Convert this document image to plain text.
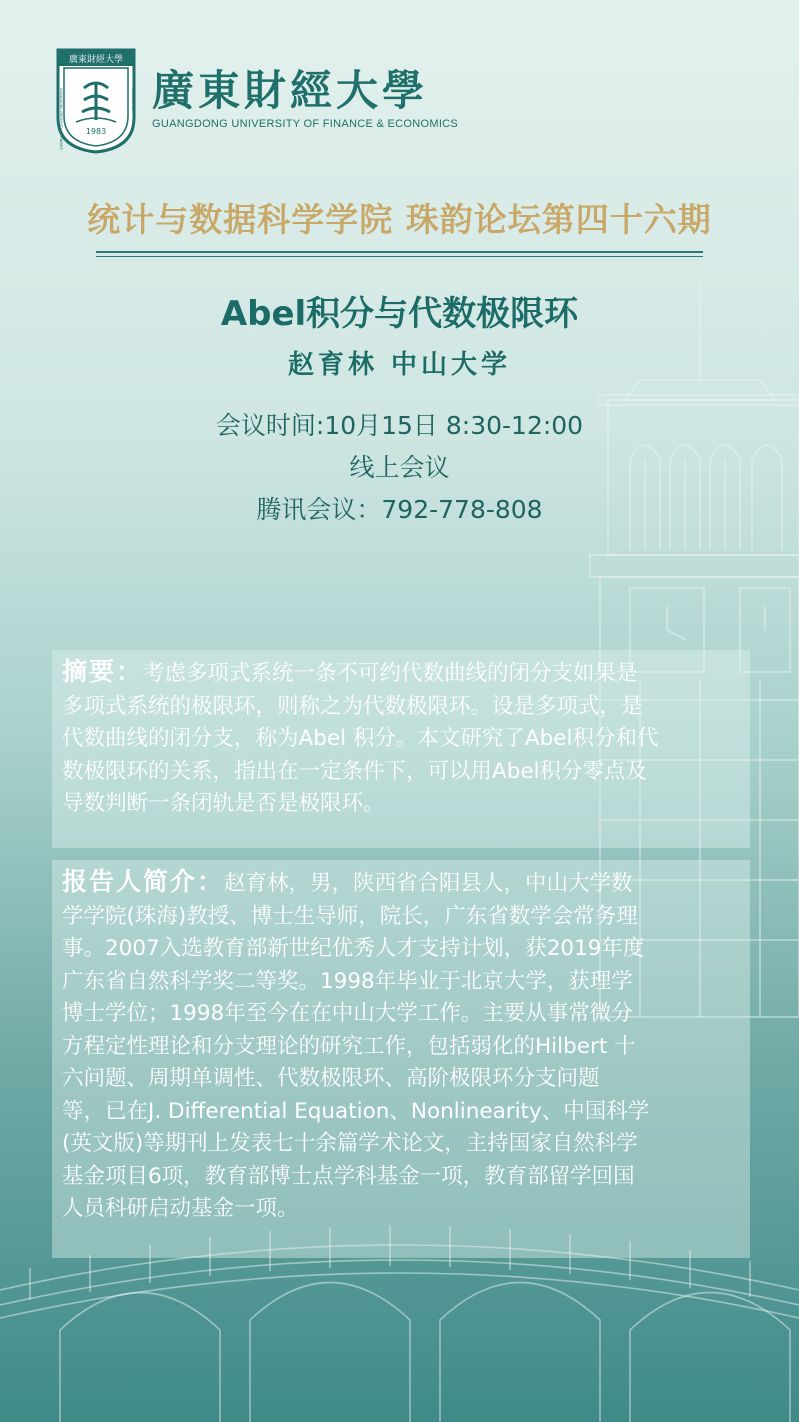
廣東財經大學
1983
GUANGDONG UNIVERSITY OF FINANCE	& ECONOMICS 廣東財經大學
GUANGDONG UNIVERSITY OF FINANCE & ECONOMICS
统计与数据科学学院 珠韵论坛第四十六期
Abel积分与代数极限环
赵育林 中山大学
会议时间:10月15日 8:30-12:00
线上会议
腾讯会议：792-778-808

摘要：考虑多项式系统一条不可约代数曲线的闭分支如果是
多项式系统的极限环，则称之为代数极限环。设是多项式，是
代数曲线的闭分支，称为Abel 积分。本文研究了Abel积分和代
数极限环的关系，指出在一定条件下，可以用Abel积分零点及
导数判断一条闭轨是否是极限环。

报告人简介：赵育林，男，陕西省合阳县人，中山大学数
学学院(珠海)教授、博士生导师，院长，广东省数学会常务理
事。2007入选教育部新世纪优秀人才支持计划，获2019年度
广东省自然科学奖二等奖。1998年毕业于北京大学，获理学
博士学位；1998年至今在在中山大学工作。主要从事常微分
方程定性理论和分支理论的研究工作，包括弱化的Hilbert 十
六问题、周期单调性、代数极限环、高阶极限环分支问题
等，已在J. Differential Equation、Nonlinearity、中国科学
(英文版)等期刊上发表七十余篇学术论文，主持国家自然科学
基金项目6项，教育部博士点学科基金一项，教育部留学回国
人员科研启动基金一项。
